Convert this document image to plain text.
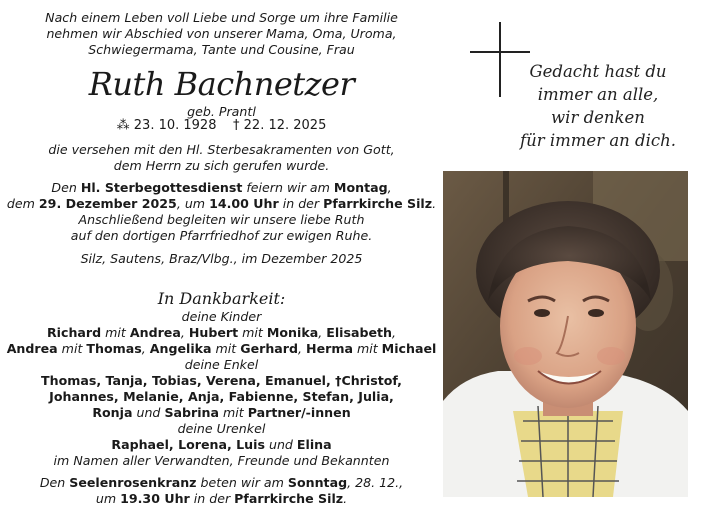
Nach einem Leben voll Liebe und Sorge um ihre Familie
nehmen wir Abschied von unserer Mama, Oma, Uroma,
Schwiegermama, Tante und Cousine, Frau
Ruth Bachnetzer
geb. Prantl
⁂ 23. 10. 1928 † 22. 12. 2025
die versehen mit den Hl. Sterbesakramenten von Gott,
dem Herrn zu sich gerufen wurde.
Den Hl. Sterbegottesdienst feiern wir am Montag,
dem 29. Dezember 2025, um 14.00 Uhr in der Pfarrkirche Silz.
Anschließend begleiten wir unsere liebe Ruth
auf den dortigen Pfarrfriedhof zur ewigen Ruhe.
Silz, Sautens, Braz/Vlbg., im Dezember 2025
In Dankbarkeit:
deine Kinder
Richard mit Andrea, Hubert mit Monika, Elisabeth,
Andrea mit Thomas, Angelika mit Gerhard, Herma mit Michael
deine Enkel
Thomas, Tanja, Tobias, Verena, Emanuel, †Christof,
Johannes, Melanie, Anja, Fabienne, Stefan, Julia,
Ronja und Sabrina mit Partner/-innen
deine Urenkel
Raphael, Lorena, Luis und Elina
im Namen aller Verwandten, Freunde und Bekannten
Den Seelenrosenkranz beten wir am Sonntag, 28. 12.,
um 19.30 Uhr in der Pfarrkirche Silz.
Gedacht hast du
immer an alle,
wir denken
für immer an dich.
